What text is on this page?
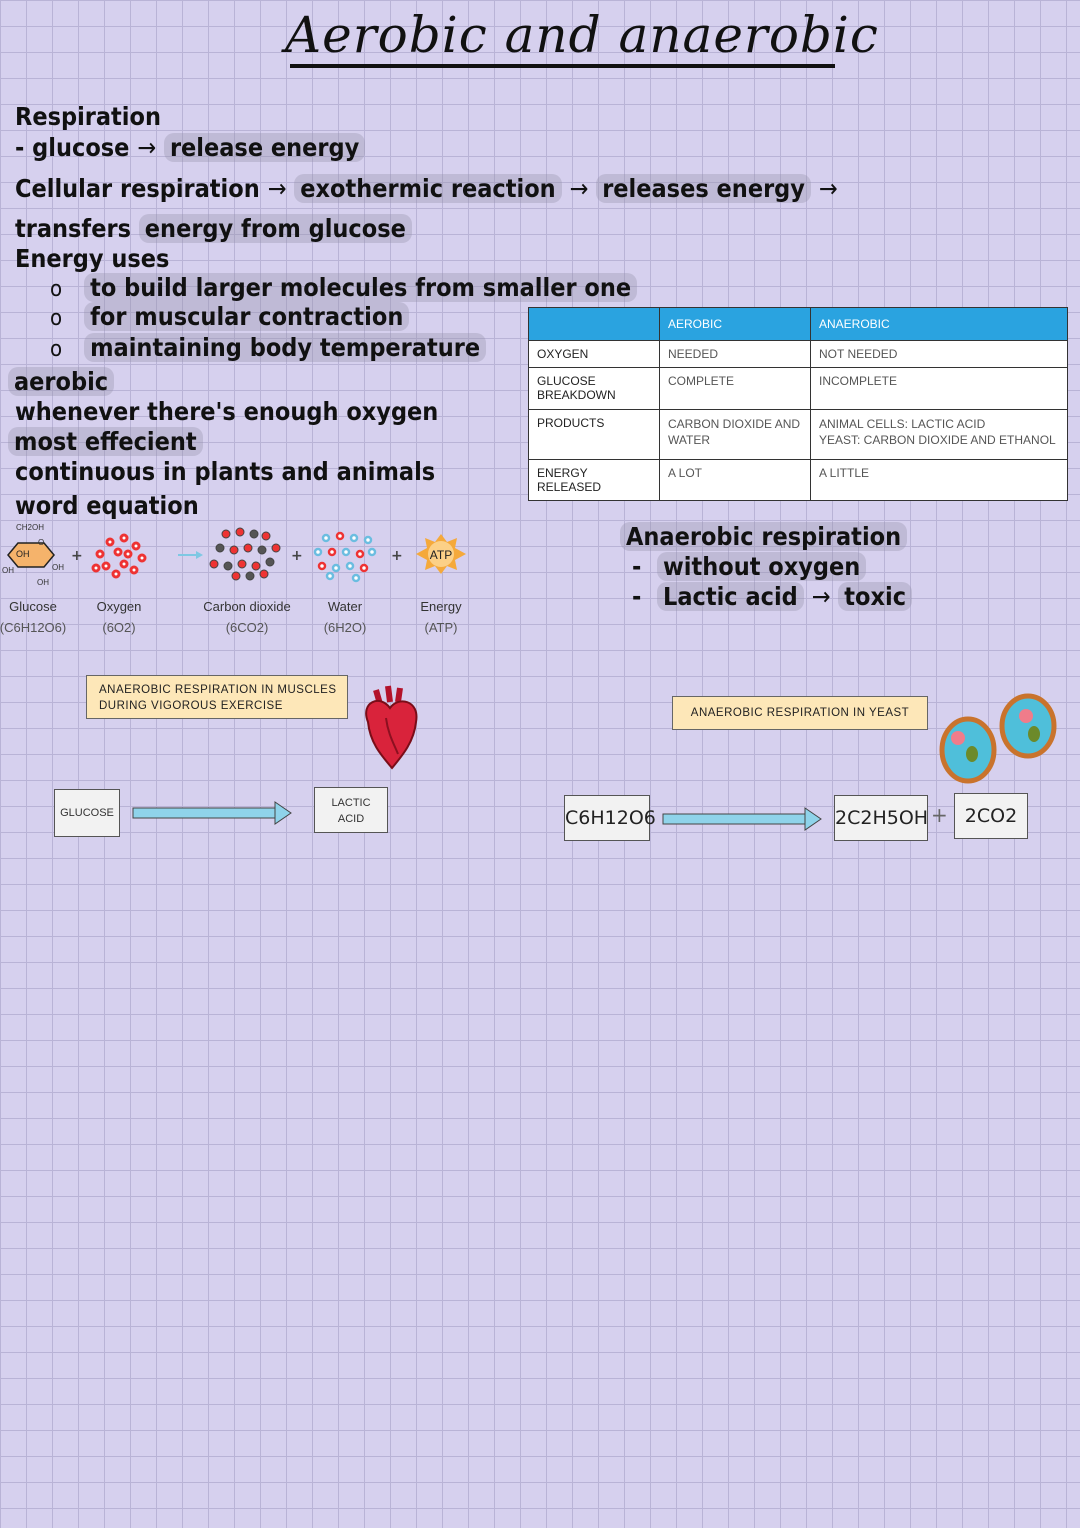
Aerobic and anaerobic
Respiration
- glucose → release energy
Cellular respiration → exothermic reaction → releases energy →
transfers energy from glucose
Energy uses
o to build larger molecules from smaller one
o for muscular contraction
o maintaining body temperature
aerobic
whenever there's enough oxygen
most effecient
continuous in plants and animals
word equation
	AEROBIC	ANAEROBIC
OXYGEN	NEEDED	NOT NEEDED
GLUCOSE BREAKDOWN	COMPLETE	INCOMPLETE
PRODUCTS	CARBON DIOXIDE AND WATER	ANIMAL CELLS: LACTIC ACID
YEAST: CARBON DIOXIDE AND ETHANOL
ENERGY RELEASED	A LOT	A LITTLE
OH
CH2OH
O
OH	OH
OH
+	+	+ ATP
Glucose
(C6H12O6)
Oxygen
(6O2)
Carbon dioxide
(6CO2)
Water
(6H2O)
Energy
(ATP)
Anaerobic respiration
- without oxygen
- Lactic acid → toxic
ANAEROBIC RESPIRATION IN MUSCLES
DURING VIGOROUS EXERCISE
GLUCOSE
LACTIC
ACID
ANAEROBIC RESPIRATION IN YEAST
C6H12O6	2C2H5OH + 2CO2
